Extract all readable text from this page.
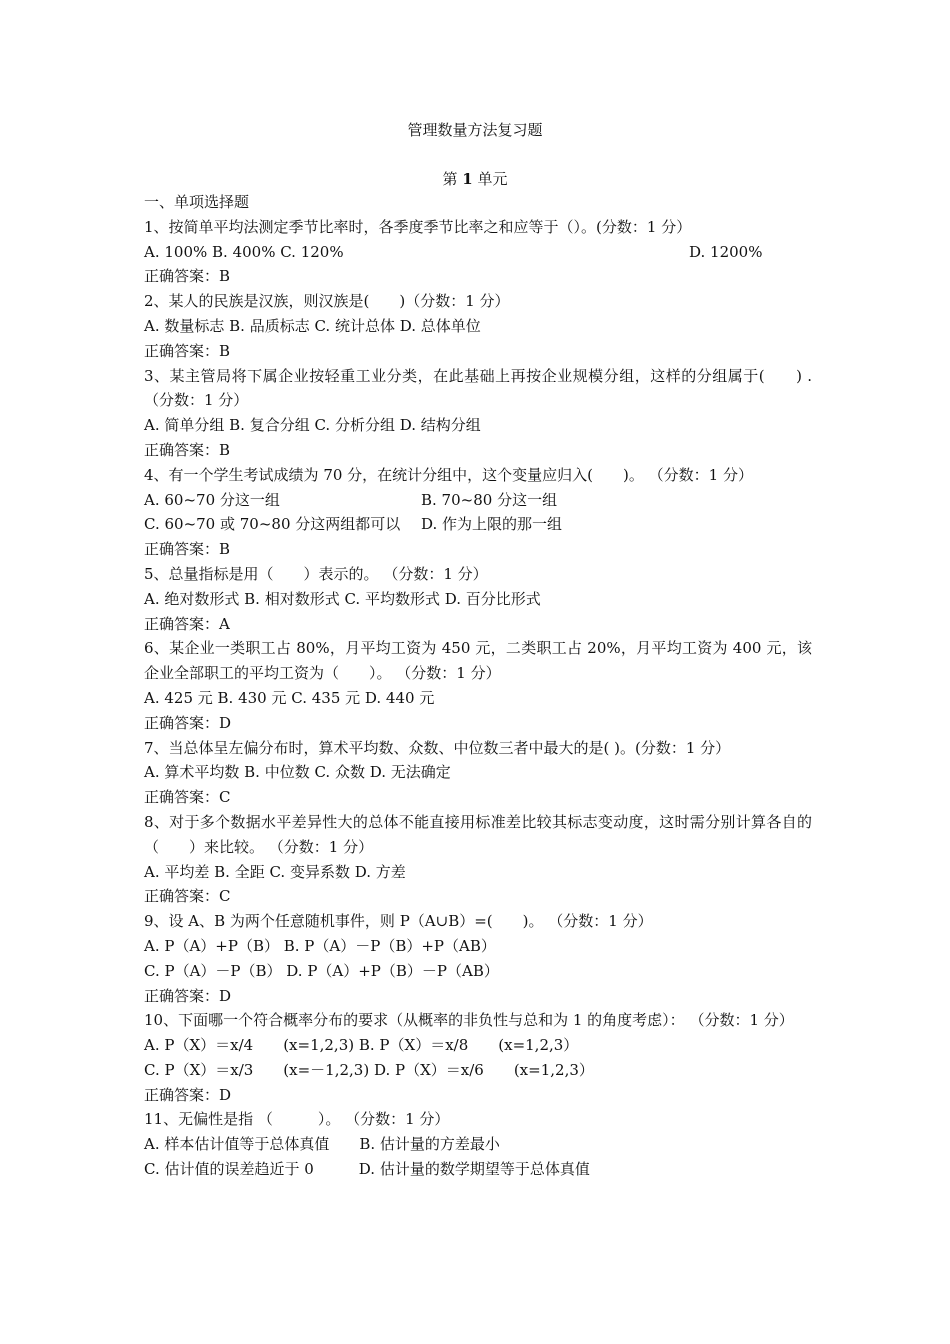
管理数量方法复习题
第 1 单元
一、单项选择题
1、按简单平均法测定季节比率时，各季度季节比率之和应等于（）。(分数：1 分）
A. 100% B. 400% C. 120%	D. 1200%
正确答案：B
2、某人的民族是汉族，则汉族是(　　)（分数：1 分）
A. 数量标志 B. 品质标志 C. 统计总体 D. 总体单位
正确答案：B
3、某主管局将下属企业按轻重工业分类，在此基础上再按企业规模分组，这样的分组属于(　　) .（分数：1 分）
A. 简单分组 B. 复合分组 C. 分析分组 D. 结构分组
正确答案：B
4、有一个学生考试成绩为 70 分，在统计分组中，这个变量应归入(　　)。 （分数：1 分）
A. 60~70 分这一组	B. 70~80 分这一组
C. 60~70 或 70~80 分这两组都可以 D. 作为上限的那一组
正确答案：B
5、总量指标是用（　　）表示的。 （分数：1 分）
A. 绝对数形式 B. 相对数形式 C. 平均数形式 D. 百分比形式
正确答案：A
6、某企业一类职工占 80%，月平均工资为 450 元，二类职工占 20%，月平均工资为 400 元，该企业全部职工的平均工资为（　　）。 （分数：1 分）
A. 425 元 B. 430 元 C. 435 元 D. 440 元
正确答案：D
7、当总体呈左偏分布时，算术平均数、众数、中位数三者中最大的是( )。(分数：1 分）
A. 算术平均数 B. 中位数 C. 众数 D. 无法确定
正确答案：C
8、对于多个数据水平差异性大的总体不能直接用标准差比较其标志变动度，这时需分别计算各自的（　　）来比较。 （分数：1 分）
A. 平均差 B. 全距 C. 变异系数 D. 方差
正确答案：C
9、设 A、B 为两个任意随机事件，则 P（A∪B）=(　　)。 （分数：1 分）
A. P（A）+P（B） B. P（A）－P（B）+P（AB）
C. P（A）－P（B） D. P（A）+P（B）－P（AB）
正确答案：D
10、下面哪一个符合概率分布的要求（从概率的非负性与总和为 1 的角度考虑）： （分数：1 分）
A. P（X）＝x/4　　(x=1,2,3) B. P（X）＝x/8　　(x=1,2,3）
C. P（X）＝x/3　　(x=－1,2,3) D. P（X）＝x/6　　(x=1,2,3）
正确答案：D
11、无偏性是指 （　　　）。 （分数：1 分）
A. 样本估计值等于总体真值　　B. 估计量的方差最小
C. 估计值的误差趋近于 0　　　D. 估计量的数学期望等于总体真值
